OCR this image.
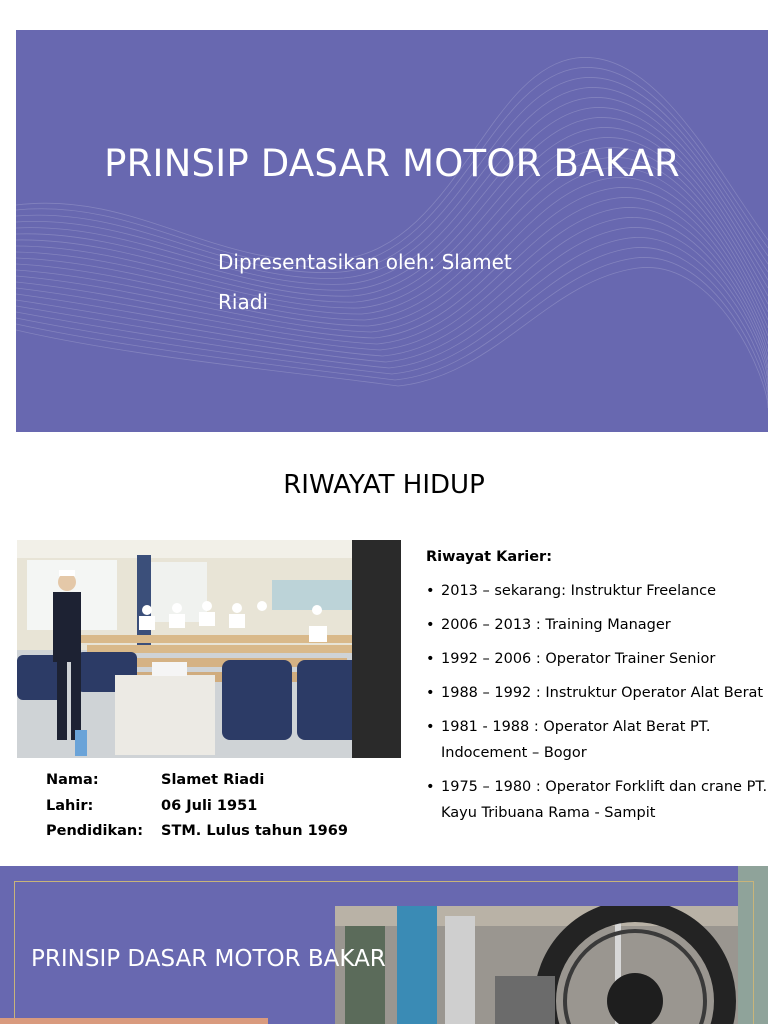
PRINSIP DASAR MOTOR BAKAR
Dipresentasikan oleh: Slamet Riadi
RIWAYAT HIDUP
Nama:	Slamet Riadi
Lahir:	06 Juli 1951
Pendidikan:	STM. Lulus tahun 1969
Riwayat Karier:
• 2013 – sekarang: Instruktur Freelance
• 2006 – 2013 : Training Manager
• 1992 – 2006 : Operator Trainer Senior
• 1988 – 1992 : Instruktur Operator Alat Berat
• 1981 - 1988 : Operator Alat Berat PT. Indocement – Bogor
• 1975 – 1980 : Operator Forklift dan crane PT. Kayu Tribuana Rama - Sampit
PRINSIP DASAR MOTOR BAKAR
